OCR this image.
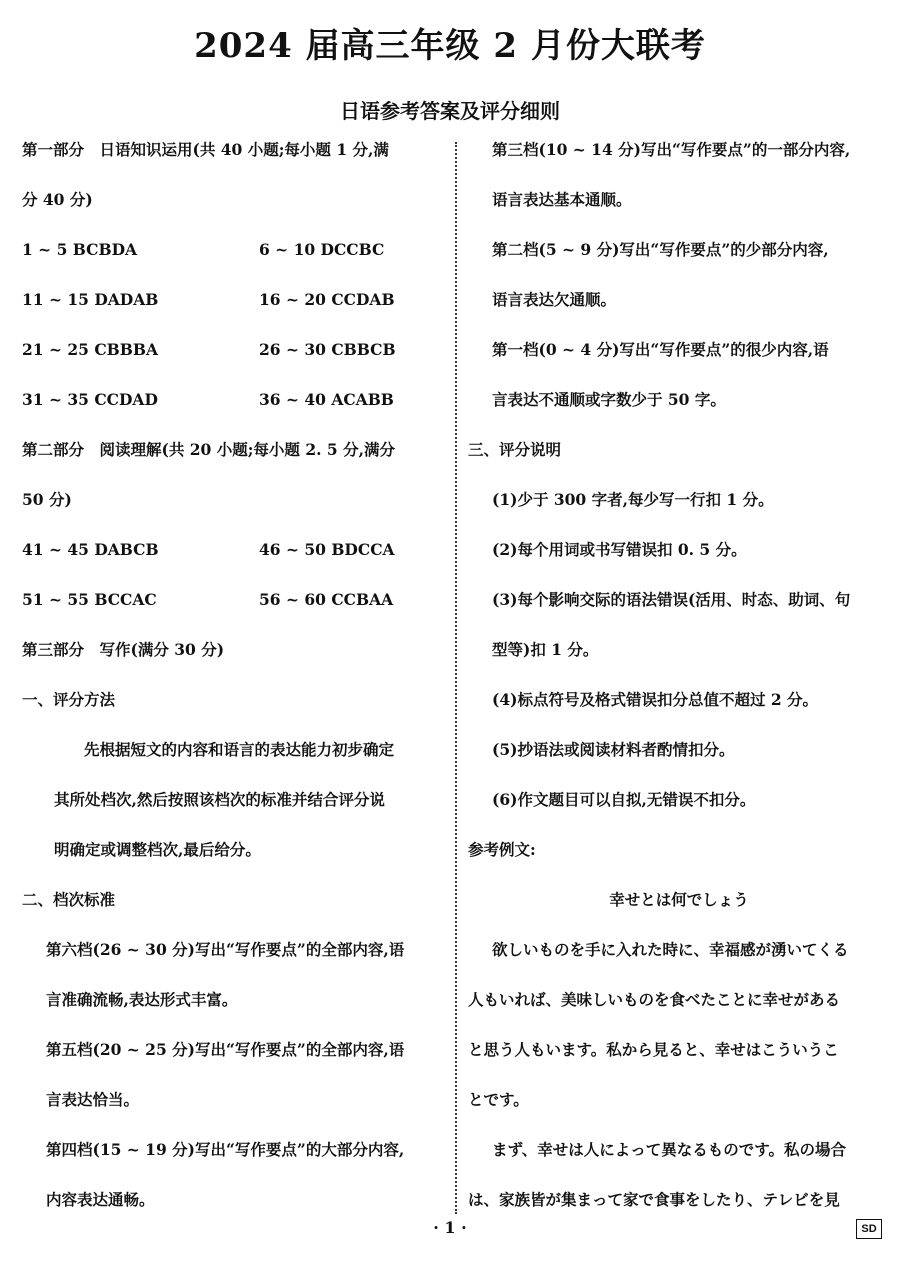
2024 届高三年级 2 月份大联考
日语参考答案及评分细则
第一部分　日语知识运用(共 40 小题;每小题 1 分,满
分 40 分)
1 ~ 5 BCBDA	6 ~ 10 DCCBC
11 ~ 15 DADAB	16 ~ 20 CCDAB
21 ~ 25 CBBBA	26 ~ 30 CBBCB
31 ~ 35 CCDAD	36 ~ 40 ACABB
第二部分　阅读理解(共 20 小题;每小题 2. 5 分,满分
50 分)
41 ~ 45 DABCB	46 ~ 50 BDCCA
51 ~ 55 BCCAC	56 ~ 60 CCBAA
第三部分　写作(满分 30 分)
一、评分方法
先根据短文的内容和语言的表达能力初步确定
其所处档次,然后按照该档次的标准并结合评分说
明确定或调整档次,最后给分。
二、档次标准
第六档(26 ~ 30 分)写出“写作要点”的全部内容,语
言准确流畅,表达形式丰富。
第五档(20 ~ 25 分)写出“写作要点”的全部内容,语
言表达恰当。
第四档(15 ~ 19 分)写出“写作要点”的大部分内容,
内容表达通畅。
第三档(10 ~ 14 分)写出“写作要点”的一部分内容,
语言表达基本通顺。
第二档(5 ~ 9 分)写出“写作要点”的少部分内容,
语言表达欠通顺。
第一档(0 ~ 4 分)写出“写作要点”的很少内容,语
言表达不通顺或字数少于 50 字。
三、评分说明
(1)少于 300 字者,每少写一行扣 1 分。
(2)每个用词或书写错误扣 0. 5 分。
(3)每个影响交际的语法错误(活用、时态、助词、句
型等)扣 1 分。
(4)标点符号及格式错误扣分总值不超过 2 分。
(5)抄语法或阅读材料者酌情扣分。
(6)作文题目可以自拟,无错误不扣分。
参考例文:
幸せとは何でしょう
欲しいものを手に入れた時に、幸福感が湧いてくる
人もいれば、美味しいものを食べたことに幸せがある
と思う人もいます。私から見ると、幸せはこういうこ
とです。
まず、幸せは人によって異なるものです。私の場合
は、家族皆が集まって家で食事をしたり、テレビを見
· 1 ·	SD
